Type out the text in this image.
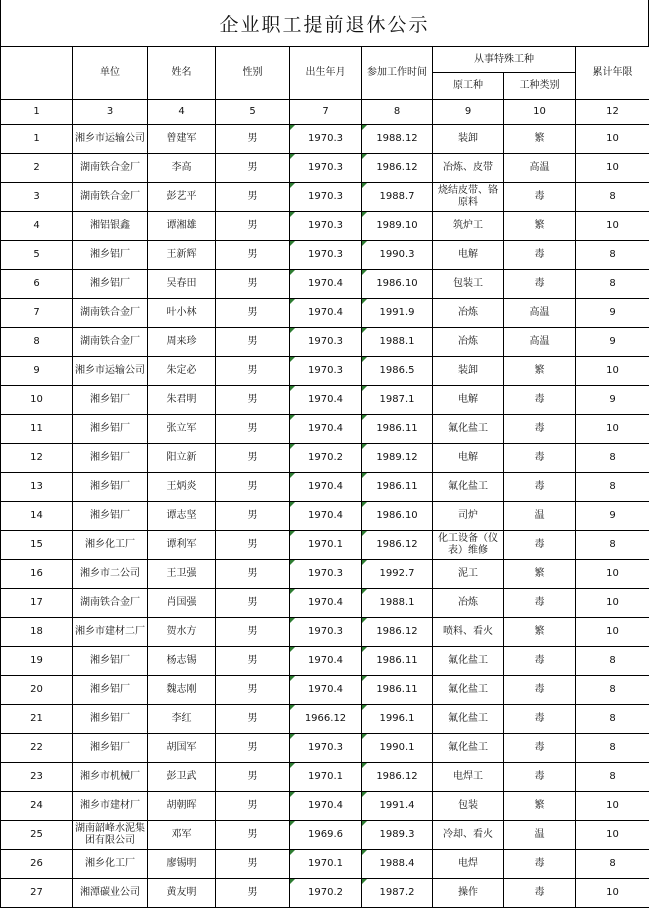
企业职工提前退休公示
	单位	姓名	性别	出生年月	参加工作时间	从事特殊工种		累计年限
						原工种	工种类别	
1	3	4	5	7	8	9	10	12
1	湘乡市运输公司	曾建军	男	1970.3	1988.12	装卸	繁	10
2	湖南铁合金厂	李高	男	1970.3	1986.12	冶炼、皮带	高温	10
3	湖南铁合金厂	彭艺平	男	1970.3	1988.7	烧结皮带、铬原料	毒	8
4	湘铝银鑫	谭湘雄	男	1970.3	1989.10	筑炉工	繁	10
5	湘乡铝厂	王新辉	男	1970.3	1990.3	电解	毒	8
6	湘乡铝厂	吴春田	男	1970.4	1986.10	包装工	毒	8
7	湖南铁合金厂	叶小林	男	1970.4	1991.9	冶炼	高温	9
8	湖南铁合金厂	周来珍	男	1970.3	1988.1	冶炼	高温	9
9	湘乡市运输公司	朱定必	男	1970.3	1986.5	装卸	繁	10
10	湘乡铝厂	朱君明	男	1970.4	1987.1	电解	毒	9
11	湘乡铝厂	张立军	男	1970.4	1986.11	氟化盐工	毒	10
12	湘乡铝厂	阳立新	男	1970.2	1989.12	电解	毒	8
13	湘乡铝厂	王炳炎	男	1970.4	1986.11	氟化盐工	毒	8
14	湘乡铝厂	谭志坚	男	1970.4	1986.10	司炉	温	9
15	湘乡化工厂	谭利军	男	1970.1	1986.12	化工设备（仪表）维修	毒	8
16	湘乡市二公司	王卫强	男	1970.3	1992.7	泥工	繁	10
17	湖南铁合金厂	肖国强	男	1970.4	1988.1	冶炼	毒	10
18	湘乡市建材二厂	贺水方	男	1970.3	1986.12	喷料、看火	繁	10
19	湘乡铝厂	杨志锡	男	1970.4	1986.11	氟化盐工	毒	8
20	湘乡铝厂	魏志刚	男	1970.4	1986.11	氟化盐工	毒	8
21	湘乡铝厂	李红	男	1966.12	1996.1	氟化盐工	毒	8
22	湘乡铝厂	胡国军	男	1970.3	1990.1	氟化盐工	毒	8
23	湘乡市机械厂	彭卫武	男	1970.1	1986.12	电焊工	毒	8
24	湘乡市建材厂	胡朝晖	男	1970.4	1991.4	包装	繁	10
25	湖南韶峰水泥集团有限公司	邓军	男	1969.6	1989.3	冷却、看火	温	10
26	湘乡化工厂	廖锡明	男	1970.1	1988.4	电焊	毒	8
27	湘潭碳业公司	黄友明	男	1970.2	1987.2	操作	毒	10
